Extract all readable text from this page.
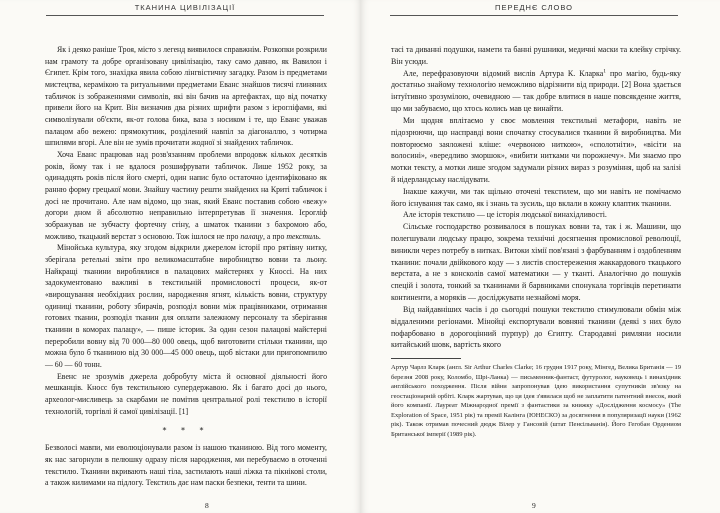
ТКАНИНА ЦИВІЛІЗАЦІЇ

Як і деяко раніше Троя, місто з легенд виявилося справжнім. Розкопки розкрили нам грамоту та добре організовану цивілізацію, таку само давню, як Вавилон і Єгипет. Крім того, знахідка явила собою лінгвістичну загадку. Разом із предметами мистецтва, керамікою та ритуальними предметами Еванс знайшов тисячі глиняних табличок із зображеннями символів, які він бачив на артефактах, що від початку привели його на Крит. Він визначив два різних шрифти разом з ієрогліфами, які символізували об'єкти, як-от голова бика, ваза з носиком і те, що Еванс уважав палацом або вежею: прямокутник, розділений навпіл за діагоналлю, з чотирма шпилями вгорі. Але він не зумів прочитати жодної зі знайдених табличок.

Хоча Еванс працював над розв'язанням проблеми впродовж кількох десятків років, йому так і не вдалося розшифрувати табличок. Лише 1952 року, за одинадцять років після його смерті, один напис було остаточно ідентифіковано як ранню форму грецької мови. Знайшу частину решти знайдених на Криті табличок і досі не прочитано. Але нам відомо, що знак, який Еванс поставив собою «вежу» догори дном й абсолютно неправильно інтерпретував її значення. Ієрогліф зображував не зубчасту фортечну стіну, а шматок тканини з бахромою або, можливо, ткацький верстат з основою. Тож ішлося не про палацу, а про текстиль.

Мінойська культура, яку згодом відкрили джерелом історії про рятівну нитку, зберігала ретельні звіти про великомасштабне виробництво вовни та льону. Найкращі тканини вироблялися в палацових майстернях у Кноссі. На них задокументовано важливі в текстильній промисловості процеси, як-от «вирощування необхідних рослин, народження ягнят, кількість вовни, структуру одиниці тканини, роботу збирачів, розподіл вовни між працівниками, отримання готових тканин, розподіл тканин для оплати залежному персоналу та зберігання тканини в коморах палацу», — пише історик. За один сезон палацові майстерні переробили вовну від 70 000—80 000 овець, щоб виготовити стільки тканини, що можна було б тканиною від 30 000—45 000 овець, щоб вістаки дли пригопомпилю — 60 — 60 тонн.

Евенс не зрозумів джерела добробуту міста й основної діяльності його мешканців. Кносс був текстильною супердержавою. Як і багато досі до нього, археолог-мисливець за скарбами не помітив центральної ролі текстилю в історії технологій, торгівлі й самої цивілізації. [1]

* * *

Безволосі мавпи, ми еволюціонували разом із нашою тканиною. Від того моменту, як нас загорнули в пелюшку одразу після народження, ми перебуваємо в оточенні текстилю. Тканини вкривають наші тіла, застилають наші ліжка та пікнікові столи, а також килимами на підлогу. Текстиль дає нам паски безпеки, тенти та шини.

8
ПЕРЕДНЄ СЛОВО

тасі та диванні подушки, намети та банні рушники, медичні маски та клейку стрічку. Він усюди.

Але, перефразовуючи відомий вислів Артура К. Кларка$^1$ про магію, будь-яку достатньо знайому технологію неможливо відрізнити від природи. [2] Вона здається інтуїтивно зрозумілою, очевидною — так добре влитися в наше повсякденне життя, що ми забуваємо, що хтось колись мав це винайти.

Ми щодня вплітаємо у своє мовлення текстильні метафори, навіть не підозрюючи, що насправді вони спочатку стосувалися тканини й виробництва. Ми повторюємо заяложені кліше: «червоною ниткою», «сполотніти», «вісіти на волосині», «вередливо зморшок», «вибити нитками чи порожнечу». Ми знаємо про мотки тексту, а мотки лише згодом задумали різних вираз з розуміння, щоб на залізі й нідерландську наслідувати.

Інакше кажучи, ми так щільно оточені текстилем, що ми навіть не помічаємо його існування так само, як і знань та зусиль, що вклали в кожну клаптик тканини.

Але історія текстилю — це історія людської винахідливості.

Сільське господарство розвивалося в пошуках вовни та, так і ж. Машини, що полегшували людську працю, зокрема технічні досягнення промислової революції, виникли через потребу в нитках. Витоки хімії пов'язані з фарбуванням і оздобленням тканини: почали двійкового коду — з листів спостереження жаккардового ткацького верстата, а не з консколів самої математики — у тканті. Аналогічно до пошуків спецій і золота, тонкий за тканинами й барвниками спонукала торгівців перетинати континенти, а моряків — досліджувати незнайомі моря.

Від найдавніших часів і до сьогодні пошуки текстилю стимулювали обмін між віддаленими регіонами. Мінойці експортували вовняні тканини (деякі з них було пофарбовано в дорогоцінний пурпур) до Єгипту. Стародавні римляни носили китайський шовк, вартість якого

Артур Чарлз Кларк (англ. Sir Arthur Charles Clarke; 16 грудня 1917 року, Мінгед, Велика Британія — 19 березня 2008 року, Коломбо, Шрі-Ланка) — письменник-фантаст, футуролог, науковець і винахідник англійського походження. Після війни запропонував ідею використання супутників зв'язку на геостаціонарній орбіті. Кларк жартував, що ця ідея з'явилася щоб не заплатити патентний внесок, який його компанії. Лауреат Міжнародної премії з фантастики за книжку «Дослідження космосу» (The Exploration of Space, 1951 рік) та премії Калінга (ЮНЕСКО) за досягнення в популяризації науки (1962 рік). Також отримав почесний дюдж Вілер у Гансовій (штат Пенсільванія). Його Гегобан Ордениом Британської імперії (1989 рік).

9
